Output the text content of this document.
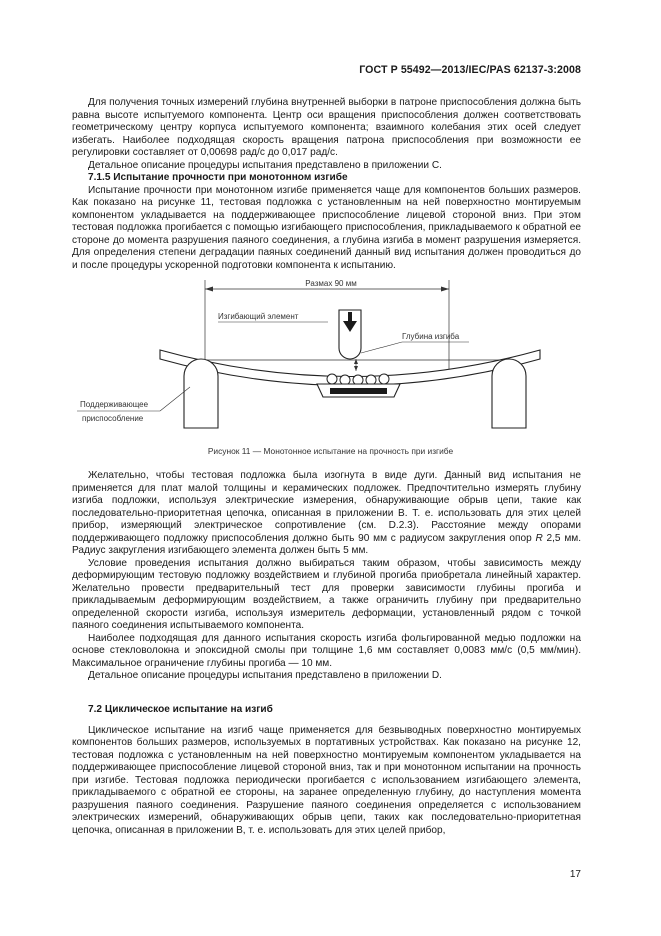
ГОСТ Р 55492—2013/IEC/PAS 62137-3:2008

Для получения точных измерений глубина внутренней выборки в патроне приспособления должна быть равна высоте испытуемого компонента. Центр оси вращения приспособления должен соответствовать геометрическому центру корпуса испытуемого компонента; взаимного колебания этих осей следует избегать. Наиболее подходящая скорость вращения патрона приспособления при возможности ее регулировки составляет от 0,00698 рад/с до 0,017 рад/с.

Детальное описание процедуры испытания представлено в приложении С.

7.1.5 Испытание прочности при монотонном изгибе

Испытание прочности при монотонном изгибе применяется чаще для компонентов больших размеров. Как показано на рисунке 11, тестовая подложка с установленным на ней поверхностно монтируемым компонентом укладывается на поддерживающее приспособление лицевой стороной вниз. При этом тестовая подложка прогибается с помощью изгибающего приспособления, прикладываемого к обратной ее стороне до момента разрушения паяного соединения, а глубина изгиба в момент разрушения измеряется. Для определения степени деградации паяных соединений данный вид испытания должен проводиться до и после процедуры ускоренной подготовки компонента к испытанию.

Размах 90 мм
Изгибающий элемент
Глубина изгиба
Поддерживающее
приспособление
Рисунок 11 — Монотонное испытание на прочность при изгибе

Желательно, чтобы тестовая подложка была изогнута в виде дуги. Данный вид испытания не применяется для плат малой толщины и керамических подложек. Предпочтительно измерять глубину изгиба подложки, используя электрические измерения, обнаруживающие обрыв цепи, такие как последовательно-приоритетная цепочка, описанная в приложении В. Т. е. использовать для этих целей прибор, измеряющий электрическое сопротивление (см. D.2.3). Расстояние между опорами поддерживающего подложку приспособления должно быть 90 мм с радиусом закругления опор R 2,5 мм. Радиус закругления изгибающего элемента должен быть 5 мм.

Условие проведения испытания должно выбираться таким образом, чтобы зависимость между деформирующим тестовую подложку воздействием и глубиной прогиба приобретала линейный характер. Желательно провести предварительный тест для проверки зависимости глубины прогиба и прикладываемым деформирующим воздействием, а также ограничить глубину при предварительно определенной скорости изгиба, используя измеритель деформации, установленный рядом с точкой паяного соединения испытываемого компонента.

Наиболее подходящая для данного испытания скорость изгиба фольгированной медью подложки на основе стекловолокна и эпоксидной смолы при толщине 1,6 мм составляет 0,0083 мм/с (0,5 мм/мин). Максимальное ограничение глубины прогиба — 10 мм.

Детальное описание процедуры испытания представлено в приложении D.

7.2 Циклическое испытание на изгиб

Циклическое испытание на изгиб чаще применяется для безвыводных поверхностно монтируемых компонентов больших размеров, используемых в портативных устройствах. Как показано на рисунке 12, тестовая подложка с установленным на ней поверхностно монтируемым компонентом укладывается на поддерживающее приспособление лицевой стороной вниз, так и при монотонном испытании на прочность при изгибе. Тестовая подложка периодически прогибается с использованием изгибающего элемента, прикладываемого с обратной ее стороны, на заранее определенную глубину, до наступления момента разрушения паяного соединения. Разрушение паяного соединения определяется с использованием электрических измерений, обнаруживающих обрыв цепи, таких как последовательно-приоритетная цепочка, описанная в приложении В, т. е. использовать для этих целей прибор,

17
